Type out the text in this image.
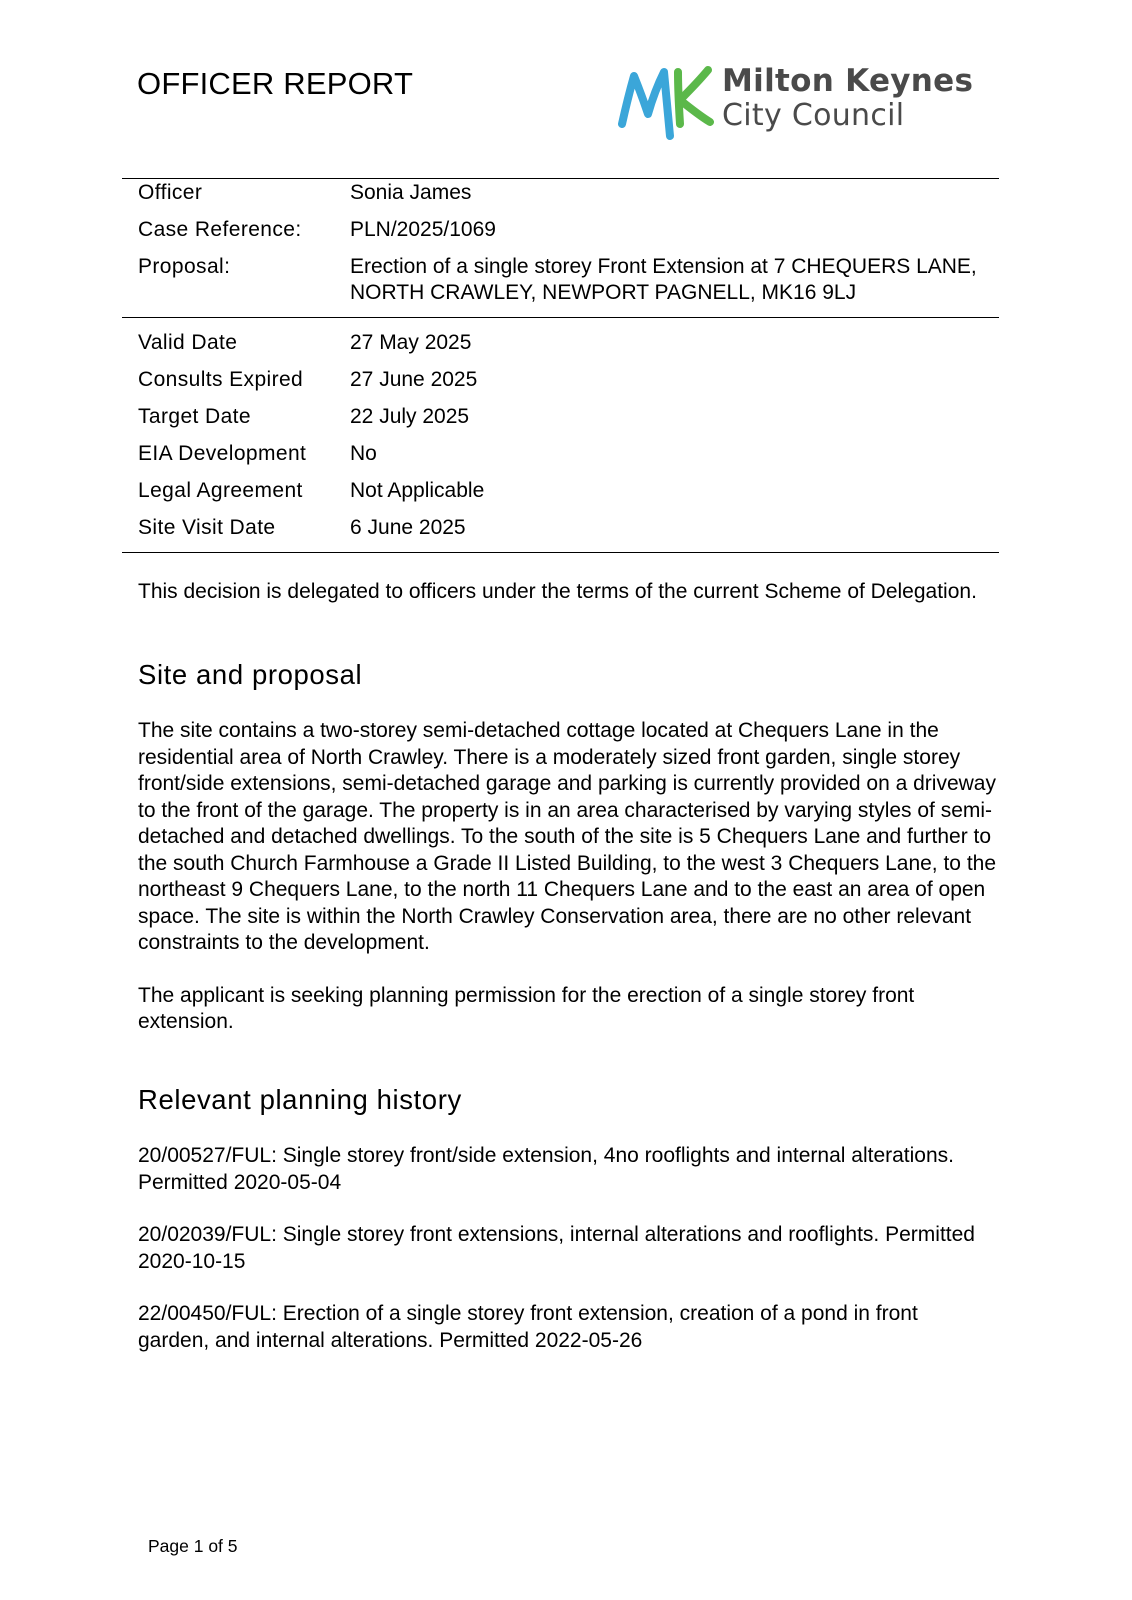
OFFICER REPORT	Milton Keynes
City Council
Officer	Sonia James
Case Reference:	PLN/2025/1069
Proposal:	Erection of a single storey Front Extension at 7 CHEQUERS LANE, NORTH CRAWLEY, NEWPORT PAGNELL, MK16 9LJ
Valid Date	27 May 2025
Consults Expired	27 June 2025
Target Date	22 July 2025
EIA Development	No
Legal Agreement	Not Applicable
Site Visit Date	6 June 2025

This decision is delegated to officers under the terms of the current Scheme of Delegation.

Site and proposal

The site contains a two-storey semi-detached cottage located at Chequers Lane in the residential area of North Crawley. There is a moderately sized front garden, single storey front/side extensions, semi-detached garage and parking is currently provided on a driveway to the front of the garage. The property is in an area characterised by varying styles of semi-detached and detached dwellings. To the south of the site is 5 Chequers Lane and further to the south Church Farmhouse a Grade II Listed Building, to the west 3 Chequers Lane, to the northeast 9 Chequers Lane, to the north 11 Chequers Lane and to the east an area of open space. The site is within the North Crawley Conservation area, there are no other relevant constraints to the development.

The applicant is seeking planning permission for the erection of a single storey front extension.

Relevant planning history

20/00527/FUL: Single storey front/side extension, 4no rooflights and internal alterations. Permitted 2020-05-04

20/02039/FUL: Single storey front extensions, internal alterations and rooflights. Permitted 2020-10-15

22/00450/FUL: Erection of a single storey front extension, creation of a pond in front garden, and internal alterations. Permitted 2022-05-26

Page 1 of 5
